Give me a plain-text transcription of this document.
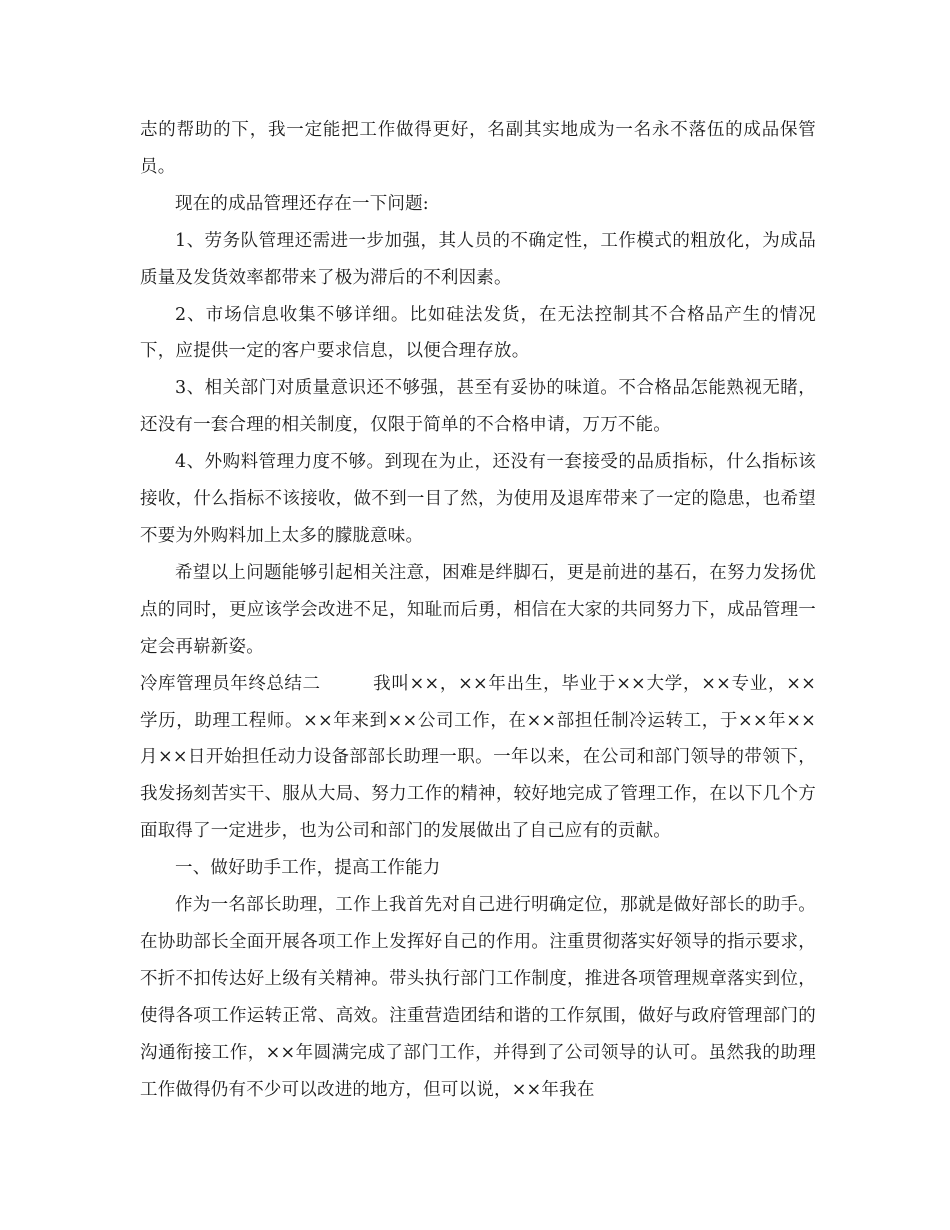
志的帮助的下，我一定能把工作做得更好，名副其实地成为一名永不落伍的成品保管员。

现在的成品管理还存在一下问题:

1、劳务队管理还需进一步加强，其人员的不确定性，工作模式的粗放化，为成品质量及发货效率都带来了极为滞后的不利因素。

2、市场信息收集不够详细。比如硅法发货，在无法控制其不合格品产生的情况下，应提供一定的客户要求信息，以便合理存放。

3、相关部门对质量意识还不够强，甚至有妥协的味道。不合格品怎能熟视无睹，还没有一套合理的相关制度，仅限于简单的不合格申请，万万不能。

4、外购料管理力度不够。到现在为止，还没有一套接受的品质指标，什么指标该接收，什么指标不该接收，做不到一目了然，为使用及退库带来了一定的隐患，也希望不要为外购料加上太多的朦胧意味。

希望以上问题能够引起相关注意，困难是绊脚石，更是前进的基石，在努力发扬优点的同时，更应该学会改进不足，知耻而后勇，相信在大家的共同努力下，成品管理一定会再崭新姿。

冷库管理员年终总结二	我叫××，××年出生，毕业于××大学，××专业，××学历，助理工程师。××年来到××公司工作，在××部担任制冷运转工，于××年××月××日开始担任动力设备部部长助理一职。一年以来，在公司和部门领导的带领下，我发扬刻苦实干、服从大局、努力工作的精神，较好地完成了管理工作，在以下几个方面取得了一定进步，也为公司和部门的发展做出了自己应有的贡献。

一、做好助手工作，提高工作能力

作为一名部长助理，工作上我首先对自己进行明确定位，那就是做好部长的助手。在协助部长全面开展各项工作上发挥好自己的作用。注重贯彻落实好领导的指示要求，不折不扣传达好上级有关精神。带头执行部门工作制度，推进各项管理规章落实到位，使得各项工作运转正常、高效。注重营造团结和谐的工作氛围，做好与政府管理部门的沟通衔接工作，××年圆满完成了部门工作，并得到了公司领导的认可。虽然我的助理工作做得仍有不少可以改进的地方，但可以说，××年我在
